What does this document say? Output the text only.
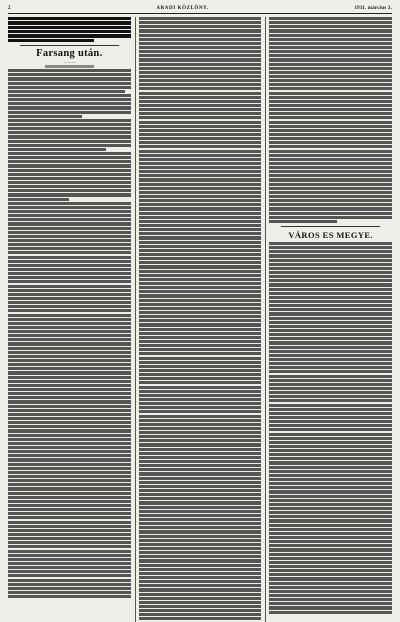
2	ARADI KÖZLÖNY.	1911. március 3.
Farsang után.
— — —
VÁROS ES MEGYE.
